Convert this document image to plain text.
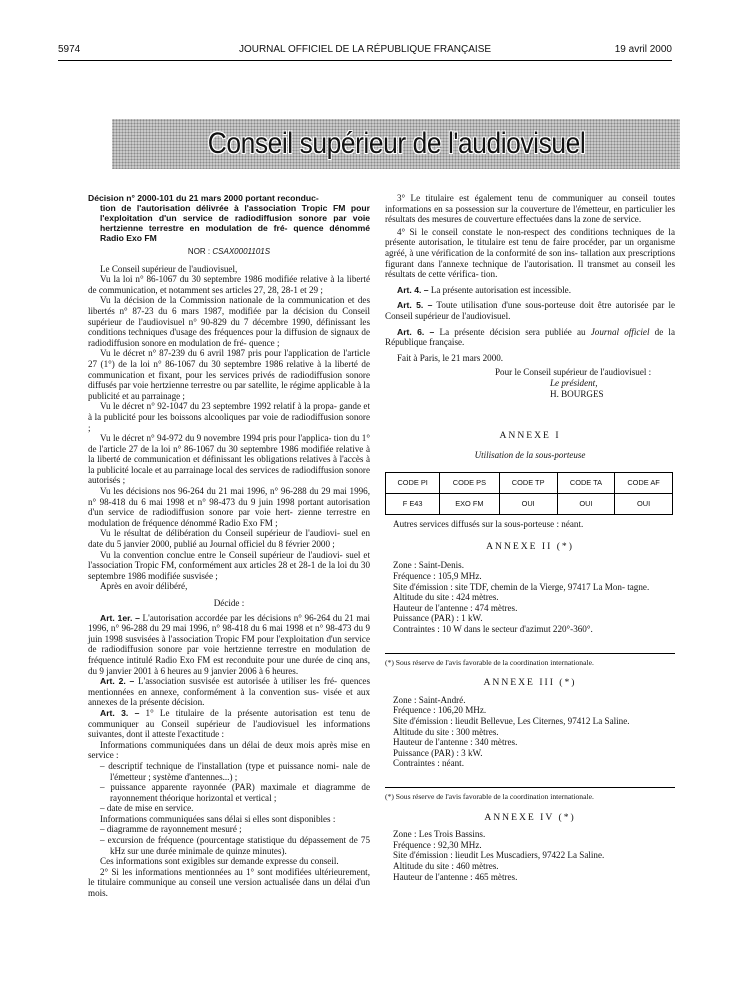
5974	JOURNAL OFFICIEL DE LA RÉPUBLIQUE FRANÇAISE	19 avril 2000
Conseil supérieur de l'audiovisuel

Décision n° 2000-101 du 21 mars 2000 portant reconduc-
tion de l'autorisation délivrée à l'association Tropic FM pour l'exploitation d'un service de radiodiffusion sonore par voie hertzienne terrestre en modulation de fré- quence dénommé Radio Exo FM

NOR : CSAX0001101S

Le Conseil supérieur de l'audiovisuel,

Vu la loi n° 86-1067 du 30 septembre 1986 modifiée relative à la liberté de communication, et notamment ses articles 27, 28, 28-1 et 29 ;

Vu la décision de la Commission nationale de la communication et des libertés n° 87-23 du 6 mars 1987, modifiée par la décision du Conseil supérieur de l'audiovisuel n° 90-829 du 7 décembre 1990, définissant les conditions techniques d'usage des fréquences pour la diffusion de signaux de radiodiffusion sonore en modulation de fré- quence ;

Vu le décret n° 87-239 du 6 avril 1987 pris pour l'application de l'article 27 (1°) de la loi n° 86-1067 du 30 septembre 1986 relative à la liberté de communication et fixant, pour les services privés de radiodiffusion sonore diffusés par voie hertzienne terrestre ou par satellite, le régime applicable à la publicité et au parrainage ;

Vu le décret n° 92-1047 du 23 septembre 1992 relatif à la propa- gande et à la publicité pour les boissons alcooliques par voie de radiodiffusion sonore ;

Vu le décret n° 94-972 du 9 novembre 1994 pris pour l'applica- tion du 1° de l'article 27 de la loi n° 86-1067 du 30 septembre 1986 modifiée relative à la liberté de communication et définissant les obligations relatives à l'accès à la publicité locale et au parrainage local des services de radiodiffusion sonore autorisés ;

Vu les décisions nos 96-264 du 21 mai 1996, n° 96-288 du 29 mai 1996, n° 98-418 du 6 mai 1998 et n° 98-473 du 9 juin 1998 portant autorisation d'un service de radiodiffusion sonore par voie hert- zienne terrestre en modulation de fréquence dénommé Radio Exo FM ;

Vu le résultat de délibération du Conseil supérieur de l'audiovi- suel en date du 5 janvier 2000, publié au Journal officiel du 8 février 2000 ;

Vu la convention conclue entre le Conseil supérieur de l'audiovi- suel et l'association Tropic FM, conformément aux articles 28 et 28-1 de la loi du 30 septembre 1986 modifiée susvisée ;

Après en avoir délibéré,

Décide :

Art. 1er. – L'autorisation accordée par les décisions n° 96-264 du 21 mai 1996, n° 96-288 du 29 mai 1996, n° 98-418 du 6 mai 1998 et n° 98-473 du 9 juin 1998 susvisées à l'association Tropic FM pour l'exploitation d'un service de radiodiffusion sonore par voie hertzienne terrestre en modulation de fréquence intitulé Radio Exo FM est reconduite pour une durée de cinq ans, du 9 janvier 2001 à 6 heures au 9 janvier 2006 à 6 heures.

Art. 2. – L'association susvisée est autorisée à utiliser les fré- quences mentionnées en annexe, conformément à la convention sus- visée et aux annexes de la présente décision.

Art. 3. – 1° Le titulaire de la présente autorisation est tenu de communiquer au Conseil supérieur de l'audiovisuel les informations suivantes, dont il atteste l'exactitude :

Informations communiquées dans un délai de deux mois après mise en service :

– descriptif technique de l'installation (type et puissance nomi- nale de l'émetteur ; système d'antennes...) ;

– puissance apparente rayonnée (PAR) maximale et diagramme de rayonnement théorique horizontal et vertical ;

– date de mise en service.

Informations communiquées sans délai si elles sont disponibles :

– diagramme de rayonnement mesuré ;

– excursion de fréquence (pourcentage statistique du dépassement de 75 kHz sur une durée minimale de quinze minutes).

Ces informations sont exigibles sur demande expresse du conseil.

2° Si les informations mentionnées au 1° sont modifiées ultérieurement, le titulaire communique au conseil une version actualisée dans un délai d'un mois.

3° Le titulaire est également tenu de communiquer au conseil toutes informations en sa possession sur la couverture de l'émetteur, en particulier les résultats des mesures de couverture effectuées dans la zone de service.

4° Si le conseil constate le non-respect des conditions techniques de la présente autorisation, le titulaire est tenu de faire procéder, par un organisme agréé, à une vérification de la conformité de son ins- tallation aux prescriptions figurant dans l'annexe technique de l'autorisation. Il transmet au conseil les résultats de cette vérifica- tion.

Art. 4. – La présente autorisation est incessible.

Art. 5. – Toute utilisation d'une sous-porteuse doit être autorisée par le Conseil supérieur de l'audiovisuel.

Art. 6. – La présente décision sera publiée au Journal officiel de la République française.

Fait à Paris, le 21 mars 2000.

Pour le Conseil supérieur de l'audiovisuel :

Le président,

H. BOURGES

ANNEXE I

Utilisation de la sous-porteuse

CODE PI	CODE PS	CODE TP	CODE TA	CODE AF
F E43	EXO FM	OUI	OUI	OUI

Autres services diffusés sur la sous-porteuse : néant.

ANNEXE II (*)

Zone : Saint-Denis.

Fréquence : 105,9 MHz.

Site d'émission : site TDF, chemin de la Vierge, 97417 La Mon- tagne.

Altitude du site : 424 mètres.

Hauteur de l'antenne : 474 mètres.

Puissance (PAR) : 1 kW.

Contraintes : 10 W dans le secteur d'azimut 220°-360°.

(*) Sous réserve de l'avis favorable de la coordination internationale.

ANNEXE III (*)

Zone : Saint-André.

Fréquence : 106,20 MHz.

Site d'émission : lieudit Bellevue, Les Citernes, 97412 La Saline.

Altitude du site : 300 mètres.

Hauteur de l'antenne : 340 mètres.

Puissance (PAR) : 3 kW.

Contraintes : néant.

(*) Sous réserve de l'avis favorable de la coordination internationale.

ANNEXE IV (*)

Zone : Les Trois Bassins.

Fréquence : 92,30 MHz.

Site d'émission : lieudit Les Muscadiers, 97422 La Saline.

Altitude du site : 460 mètres.

Hauteur de l'antenne : 465 mètres.
